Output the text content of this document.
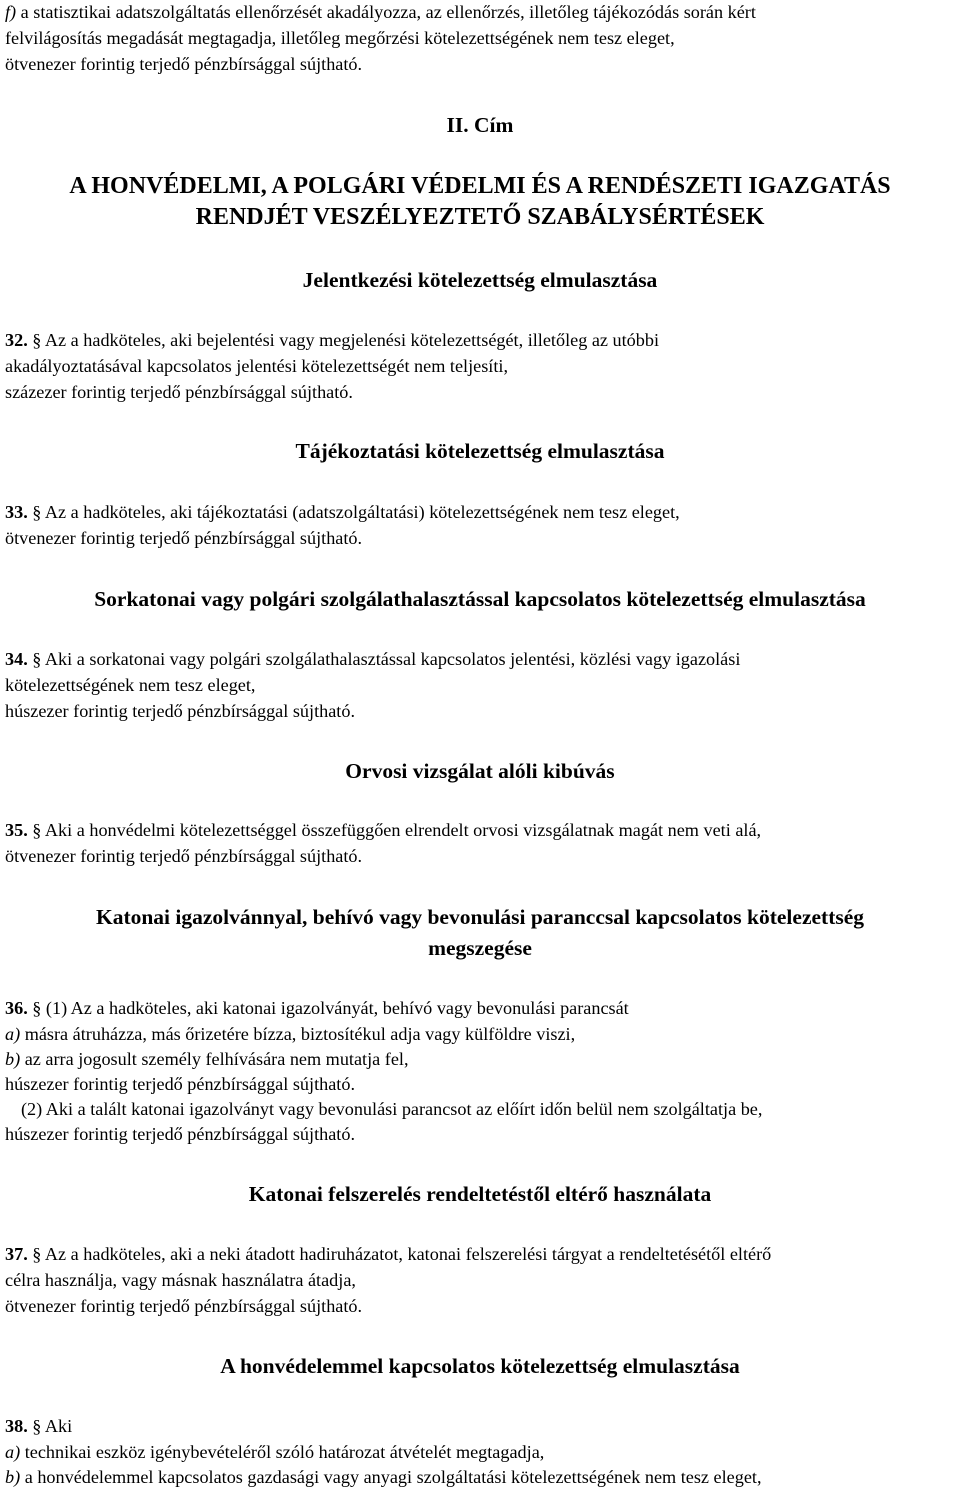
f) a statisztikai adatszolgáltatás ellenőrzését akadályozza, az ellenőrzés, illetőleg tájékozódás során kért
felvilágosítás megadását megtagadja, illetőleg megőrzési kötelezettségének nem tesz eleget,
ötvenezer forintig terjedő pénzbírsággal sújtható.
II. Cím
A HONVÉDELMI, A POLGÁRI VÉDELMI ÉS A RENDÉSZETI IGAZGATÁS
RENDJÉT VESZÉLYEZTETŐ SZABÁLYSÉRTÉSEK
Jelentkezési kötelezettség elmulasztása
32. § Az a hadköteles, aki bejelentési vagy megjelenési kötelezettségét, illetőleg az utóbbi
akadályoztatásával kapcsolatos jelentési kötelezettségét nem teljesíti,
százezer forintig terjedő pénzbírsággal sújtható.
Tájékoztatási kötelezettség elmulasztása
33. § Az a hadköteles, aki tájékoztatási (adatszolgáltatási) kötelezettségének nem tesz eleget,
ötvenezer forintig terjedő pénzbírsággal sújtható.
Sorkatonai vagy polgári szolgálathalasztással kapcsolatos kötelezettség elmulasztása
34. § Aki a sorkatonai vagy polgári szolgálathalasztással kapcsolatos jelentési, közlési vagy igazolási
kötelezettségének nem tesz eleget,
húszezer forintig terjedő pénzbírsággal sújtható.
Orvosi vizsgálat alóli kibúvás
35. § Aki a honvédelmi kötelezettséggel összefüggően elrendelt orvosi vizsgálatnak magát nem veti alá,
ötvenezer forintig terjedő pénzbírsággal sújtható.
Katonai igazolvánnyal, behívó vagy bevonulási paranccsal kapcsolatos kötelezettség
megszegése
36. § (1) Az a hadköteles, aki katonai igazolványát, behívó vagy bevonulási parancsát
a) másra átruházza, más őrizetére bízza, biztosítékul adja vagy külföldre viszi,
b) az arra jogosult személy felhívására nem mutatja fel,
húszezer forintig terjedő pénzbírsággal sújtható.
(2) Aki a talált katonai igazolványt vagy bevonulási parancsot az előírt időn belül nem szolgáltatja be,
húszezer forintig terjedő pénzbírsággal sújtható.
Katonai felszerelés rendeltetéstől eltérő használata
37. § Az a hadköteles, aki a neki átadott hadiruházatot, katonai felszerelési tárgyat a rendeltetésétől eltérő
célra használja, vagy másnak használatra átadja,
ötvenezer forintig terjedő pénzbírsággal sújtható.
A honvédelemmel kapcsolatos kötelezettség elmulasztása
38. § Aki
a) technikai eszköz igénybevételéről szóló határozat átvételét megtagadja,
b) a honvédelemmel kapcsolatos gazdasági vagy anyagi szolgáltatási kötelezettségének nem tesz eleget,
